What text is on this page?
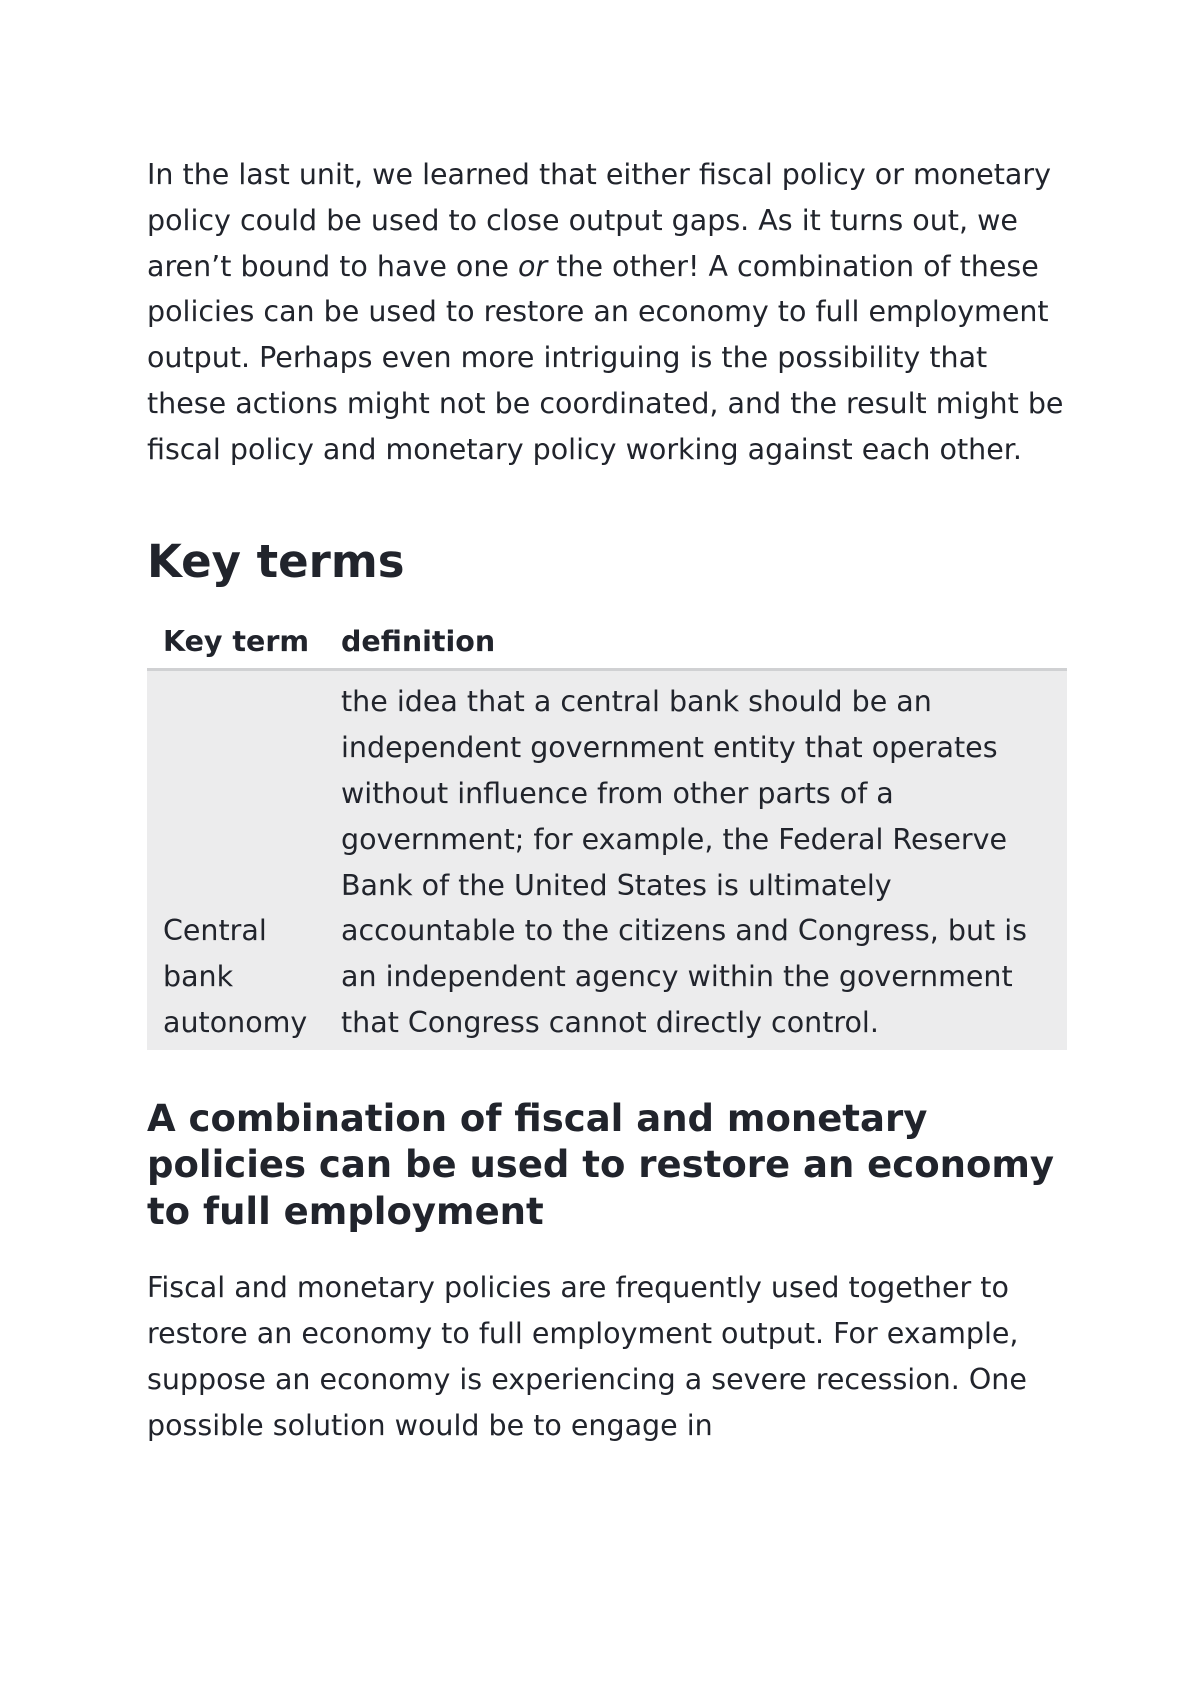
In the last unit, we learned that either fiscal policy or monetary policy could be used to close output gaps. As it turns out, we aren’t bound to have one or the other! A combination of these policies can be used to restore an economy to full employment output. Perhaps even more intriguing is the possibility that these actions might not be coordinated, and the result might be fiscal policy and monetary policy working against each other.

Key terms
Key term	definition
Central bank autonomy	the idea that a central bank should be an independent government entity that operates without influence from other parts of a government; for example, the Federal Reserve Bank of the United States is ultimately accountable to the citizens and Congress, but is an independent agency within the government that Congress cannot directly control.
A combination of fiscal and monetary policies can be used to restore an economy to full employment

Fiscal and monetary policies are frequently used together to restore an economy to full employment output. For example, suppose an economy is experiencing a severe recession. One possible solution would be to engage in
